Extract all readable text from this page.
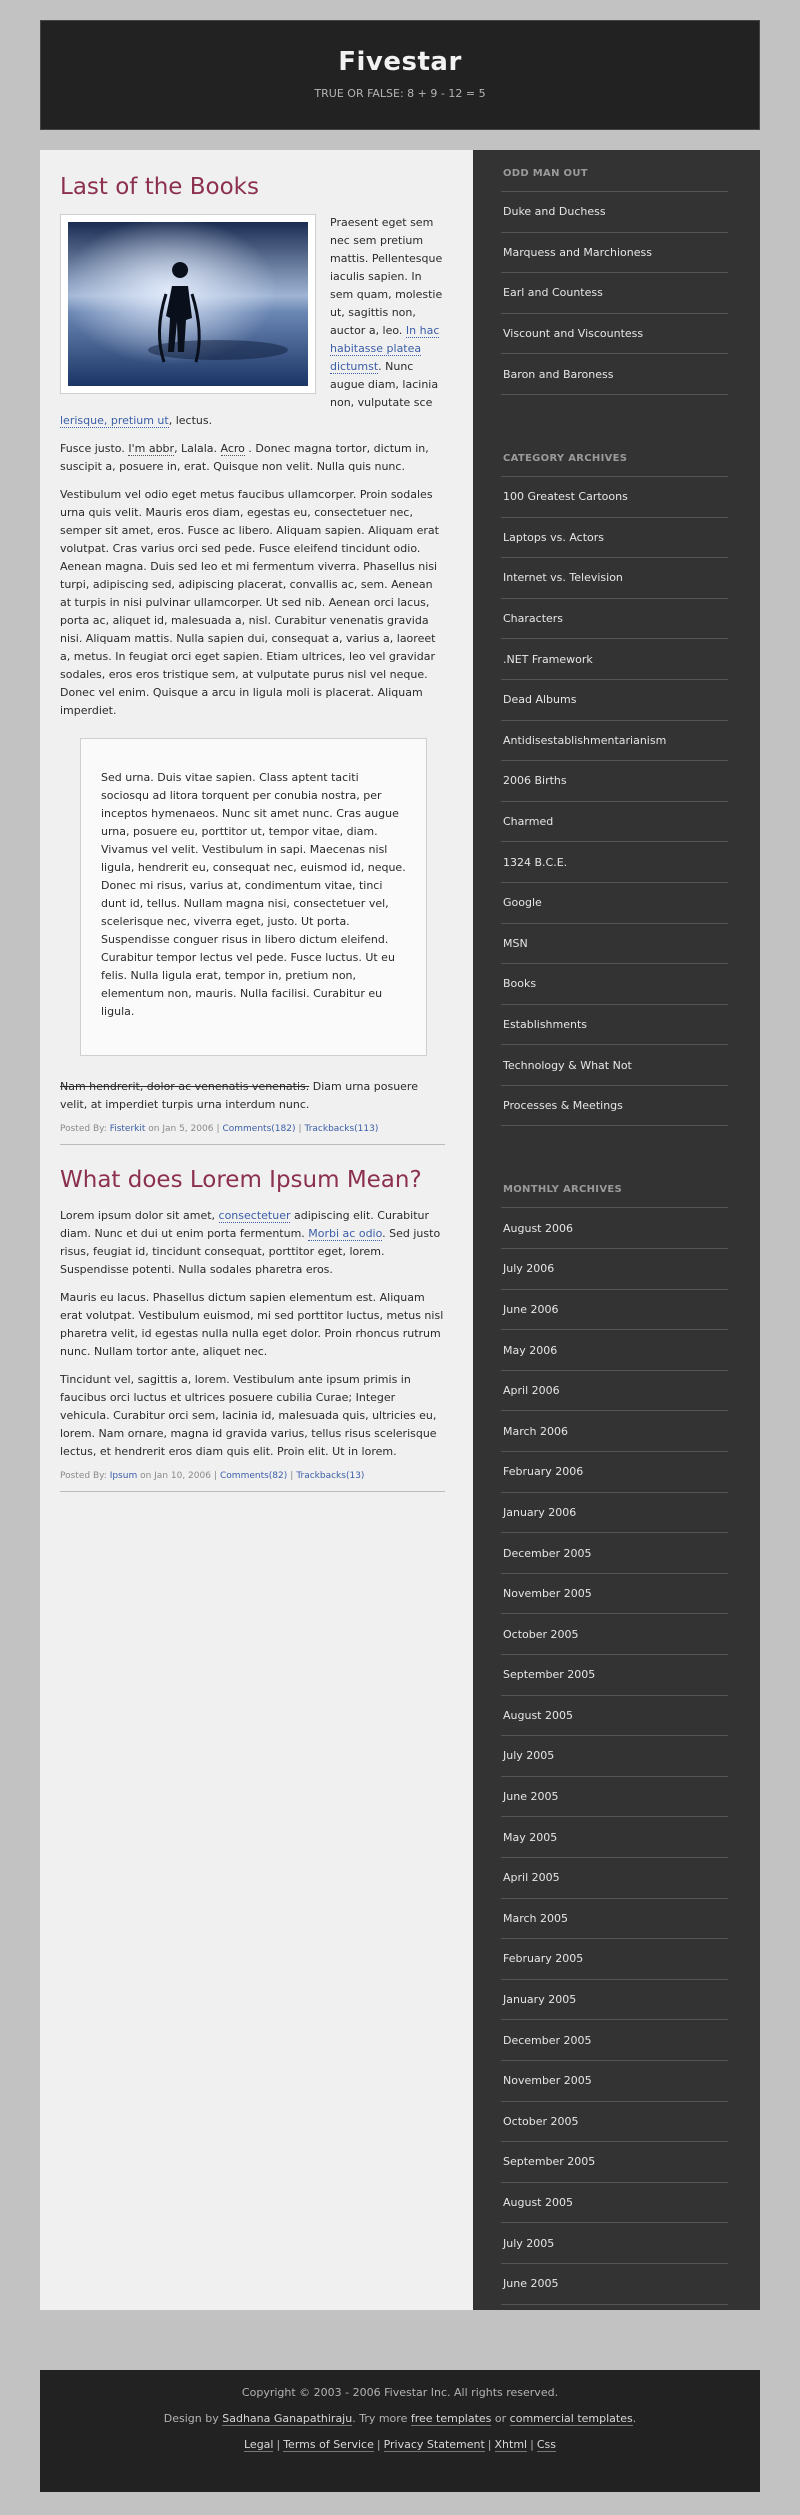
Fivestar
TRUE OR FALSE: 8 + 9 - 12 = 5
Last of the Books

Praesent eget sem nec sem pretium mattis. Pellentesque iaculis sapien. In sem quam, molestie ut, sagittis non, auctor a, leo. In hac habitasse platea dictumst. Nunc augue diam, lacinia non, vulputate sce lerisque, pretium ut, lectus.

Fusce justo. I'm abbr, Lalala. Acro . Donec magna tortor, dictum in, suscipit a, posuere in, erat. Quisque non velit. Nulla quis nunc.

Vestibulum vel odio eget metus faucibus ullamcorper. Proin sodales urna quis velit. Mauris eros diam, egestas eu, consectetuer nec, semper sit amet, eros. Fusce ac libero. Aliquam sapien. Aliquam erat volutpat. Cras varius orci sed pede. Fusce eleifend tincidunt odio. Aenean magna. Duis sed leo et mi fermentum viverra. Phasellus nisi turpi, adipiscing sed, adipiscing placerat, convallis ac, sem. Aenean at turpis in nisi pulvinar ullamcorper. Ut sed nib. Aenean orci lacus, porta ac, aliquet id, malesuada a, nisl. Curabitur venenatis gravida nisi. Aliquam mattis. Nulla sapien dui, consequat a, varius a, laoreet a, metus. In feugiat orci eget sapien. Etiam ultrices, leo vel gravidar sodales, eros eros tristique sem, at vulputate purus nisl vel neque. Donec vel enim. Quisque a arcu in ligula moli is placerat. Aliquam imperdiet.

Sed urna. Duis vitae sapien. Class aptent taciti sociosqu ad litora torquent per conubia nostra, per inceptos hymenaeos. Nunc sit amet nunc. Cras augue urna, posuere eu, porttitor ut, tempor vitae, diam. Vivamus vel velit. Vestibulum in sapi. Maecenas nisl ligula, hendrerit eu, consequat nec, euismod id, neque. Donec mi risus, varius at, condimentum vitae, tinci dunt id, tellus. Nullam magna nisi, consectetuer vel, scelerisque nec, viverra eget, justo. Ut porta. Suspendisse conguer risus in libero dictum eleifend. Curabitur tempor lectus vel pede. Fusce luctus. Ut eu felis. Nulla ligula erat, tempor in, pretium non, elementum non, mauris. Nulla facilisi. Curabitur eu ligula.

Nam hendrerit, dolor ac venenatis venenatis. Diam urna posuere velit, at imperdiet turpis urna interdum nunc.

Posted By: Fisterkit on Jan 5, 2006 | Comments(182) | Trackbacks(113)
What does Lorem Ipsum Mean?

Lorem ipsum dolor sit amet, consectetuer adipiscing elit. Curabitur diam. Nunc et dui ut enim porta fermentum. Morbi ac odio. Sed justo risus, feugiat id, tincidunt consequat, porttitor eget, lorem. Suspendisse potenti. Nulla sodales pharetra eros.

Mauris eu lacus. Phasellus dictum sapien elementum est. Aliquam erat volutpat. Vestibulum euismod, mi sed porttitor luctus, metus nisl pharetra velit, id egestas nulla nulla eget dolor. Proin rhoncus rutrum nunc. Nullam tortor ante, aliquet nec.

Tincidunt vel, sagittis a, lorem. Vestibulum ante ipsum primis in faucibus orci luctus et ultrices posuere cubilia Curae; Integer vehicula. Curabitur orci sem, lacinia id, malesuada quis, ultricies eu, lorem. Nam ornare, magna id gravida varius, tellus risus scelerisque lectus, et hendrerit eros diam quis elit. Proin elit. Ut in lorem.

Posted By: Ipsum on Jan 10, 2006 | Comments(82) | Trackbacks(13)
ODD MAN OUT
Duke and Duchess
Marquess and Marchioness
Earl and Countess
Viscount and Viscountess
Baron and Baroness
CATEGORY ARCHIVES
100 Greatest Cartoons
Laptops vs. Actors
Internet vs. Television
Characters
.NET Framework
Dead Albums
Antidisestablishmentarianism
2006 Births
Charmed
1324 B.C.E.
Google
MSN
Books
Establishments
Technology & What Not
Processes & Meetings
MONTHLY ARCHIVES
August 2006
July 2006
June 2006
May 2006
April 2006
March 2006
February 2006
January 2006
December 2005
November 2005
October 2005
September 2005
August 2005
July 2005
June 2005
May 2005
April 2005
March 2005
February 2005
January 2005
December 2005
November 2005
October 2005
September 2005
August 2005
July 2005
June 2005

Copyright © 2003 - 2006 Fivestar Inc. All rights reserved.

Design by Sadhana Ganapathiraju. Try more free templates or commercial templates.

Legal | Terms of Service | Privacy Statement | Xhtml | Css
